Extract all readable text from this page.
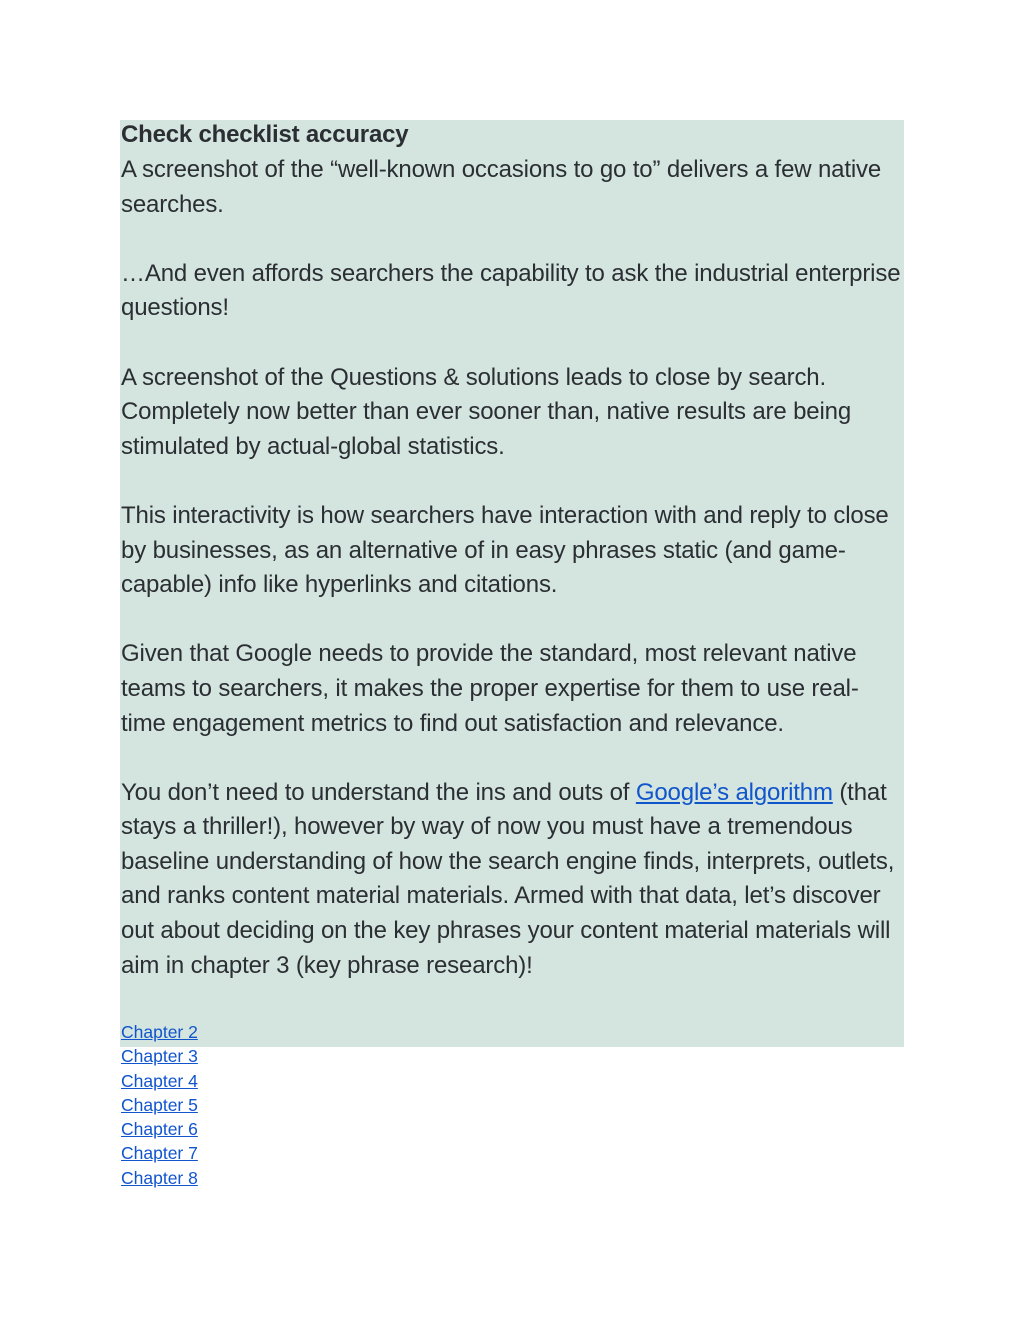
Check checklist accuracy

A screenshot of the “well-known occasions to go to” delivers a few native searches.

…And even affords searchers the capability to ask the industrial enterprise questions!

A screenshot of the Questions & solutions leads to close by search. Completely now better than ever sooner than, native results are being stimulated by actual-global statistics.

This interactivity is how searchers have interaction with and reply to close by businesses, as an alternative of in easy phrases static (and game-capable) info like hyperlinks and citations.

Given that Google needs to provide the standard, most relevant native teams to searchers, it makes the proper expertise for them to use real-time engagement metrics to find out satisfaction and relevance.

You don’t need to understand the ins and outs of Google’s algorithm (that stays a thriller!), however by way of now you must have a tremendous baseline understanding of how the search engine finds, interprets, outlets, and ranks content material materials. Armed with that data, let’s discover out about deciding on the key phrases your content material materials will aim in chapter 3 (key phrase research)!

Chapter 2
Chapter 3
Chapter 4
Chapter 5
Chapter 6
Chapter 7
Chapter 8
